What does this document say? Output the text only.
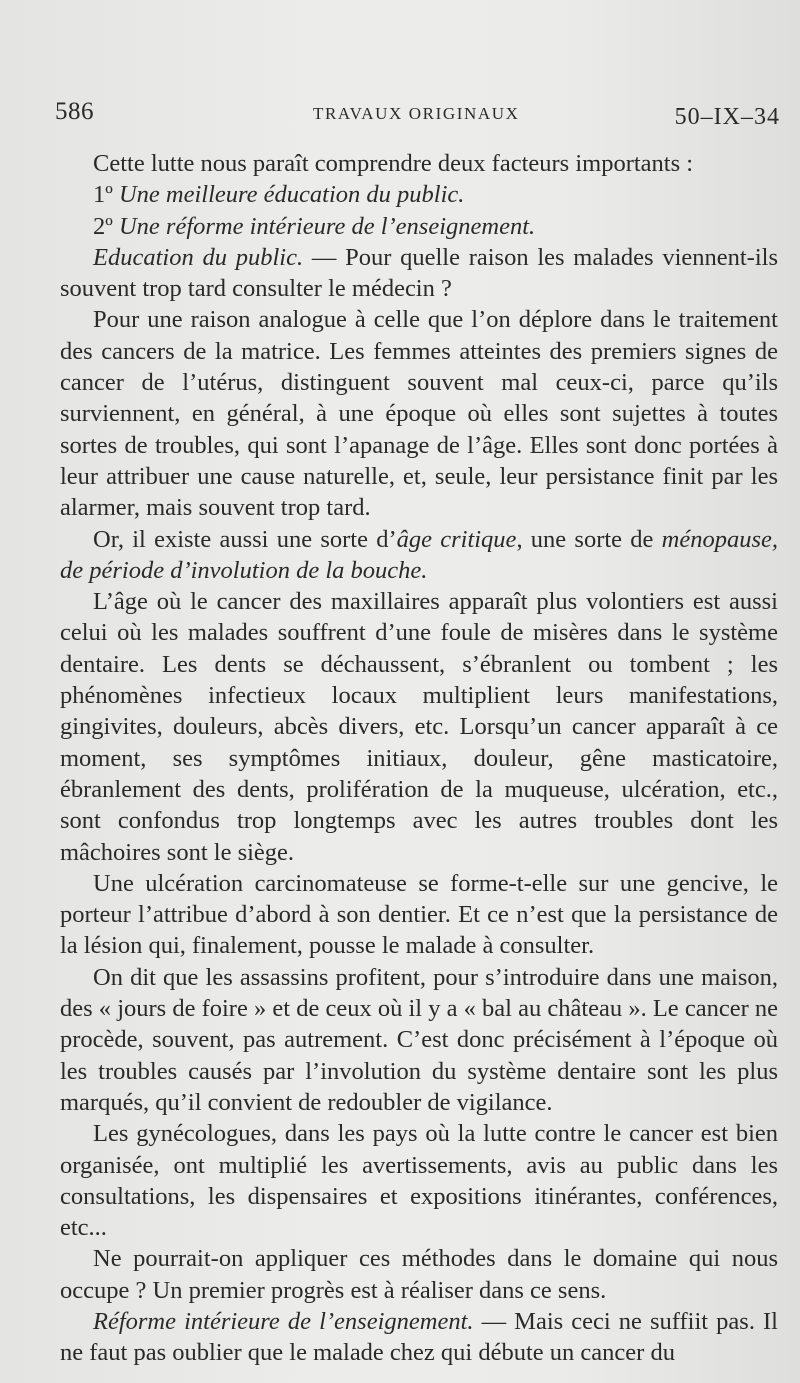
586	TRAVAUX ORIGINAUX	50–IX–34

Cette lutte nous paraît comprendre deux facteurs importants :

1º Une meilleure éducation du public.

2º Une réforme intérieure de l’enseignement.

Education du public. — Pour quelle raison les malades viennent-ils souvent trop tard consulter le médecin ?

Pour une raison analogue à celle que l’on déplore dans le traitement des cancers de la matrice. Les femmes atteintes des premiers signes de cancer de l’utérus, distinguent souvent mal ceux-ci, parce qu’ils surviennent, en général, à une époque où elles sont sujettes à toutes sortes de troubles, qui sont l’apanage de l’âge. Elles sont donc portées à leur attribuer une cause naturelle, et, seule, leur persistance finit par les alarmer, mais souvent trop tard.

Or, il existe aussi une sorte d’âge critique, une sorte de ménopause, de période d’involution de la bouche.

L’âge où le cancer des maxillaires apparaît plus volontiers est aussi celui où les malades souffrent d’une foule de misères dans le système dentaire. Les dents se déchaussent, s’ébranlent ou tombent ; les phénomènes infectieux locaux multiplient leurs manifestations, gingivites, douleurs, abcès divers, etc. Lorsqu’un cancer apparaît à ce moment, ses symptômes initiaux, douleur, gêne masticatoire, ébranlement des dents, prolifération de la muqueuse, ulcération, etc., sont confondus trop longtemps avec les autres troubles dont les mâchoires sont le siège.

Une ulcération carcinomateuse se forme-t-elle sur une gencive, le porteur l’attribue d’abord à son dentier. Et ce n’est que la persistance de la lésion qui, finalement, pousse le malade à consulter.

On dit que les assassins profitent, pour s’introduire dans une maison, des « jours de foire » et de ceux où il y a « bal au château ». Le cancer ne procède, souvent, pas autrement. C’est donc précisément à l’époque où les troubles causés par l’involution du système dentaire sont les plus marqués, qu’il convient de redoubler de vigilance.

Les gynécologues, dans les pays où la lutte contre le cancer est bien organisée, ont multiplié les avertissements, avis au public dans les consultations, les dispensaires et expositions itinérantes, conférences, etc...

Ne pourrait-on appliquer ces méthodes dans le domaine qui nous occupe ? Un premier progrès est à réaliser dans ce sens.

Réforme intérieure de l’enseignement. — Mais ceci ne suffiit pas. Il ne faut pas oublier que le malade chez qui débute un cancer du
